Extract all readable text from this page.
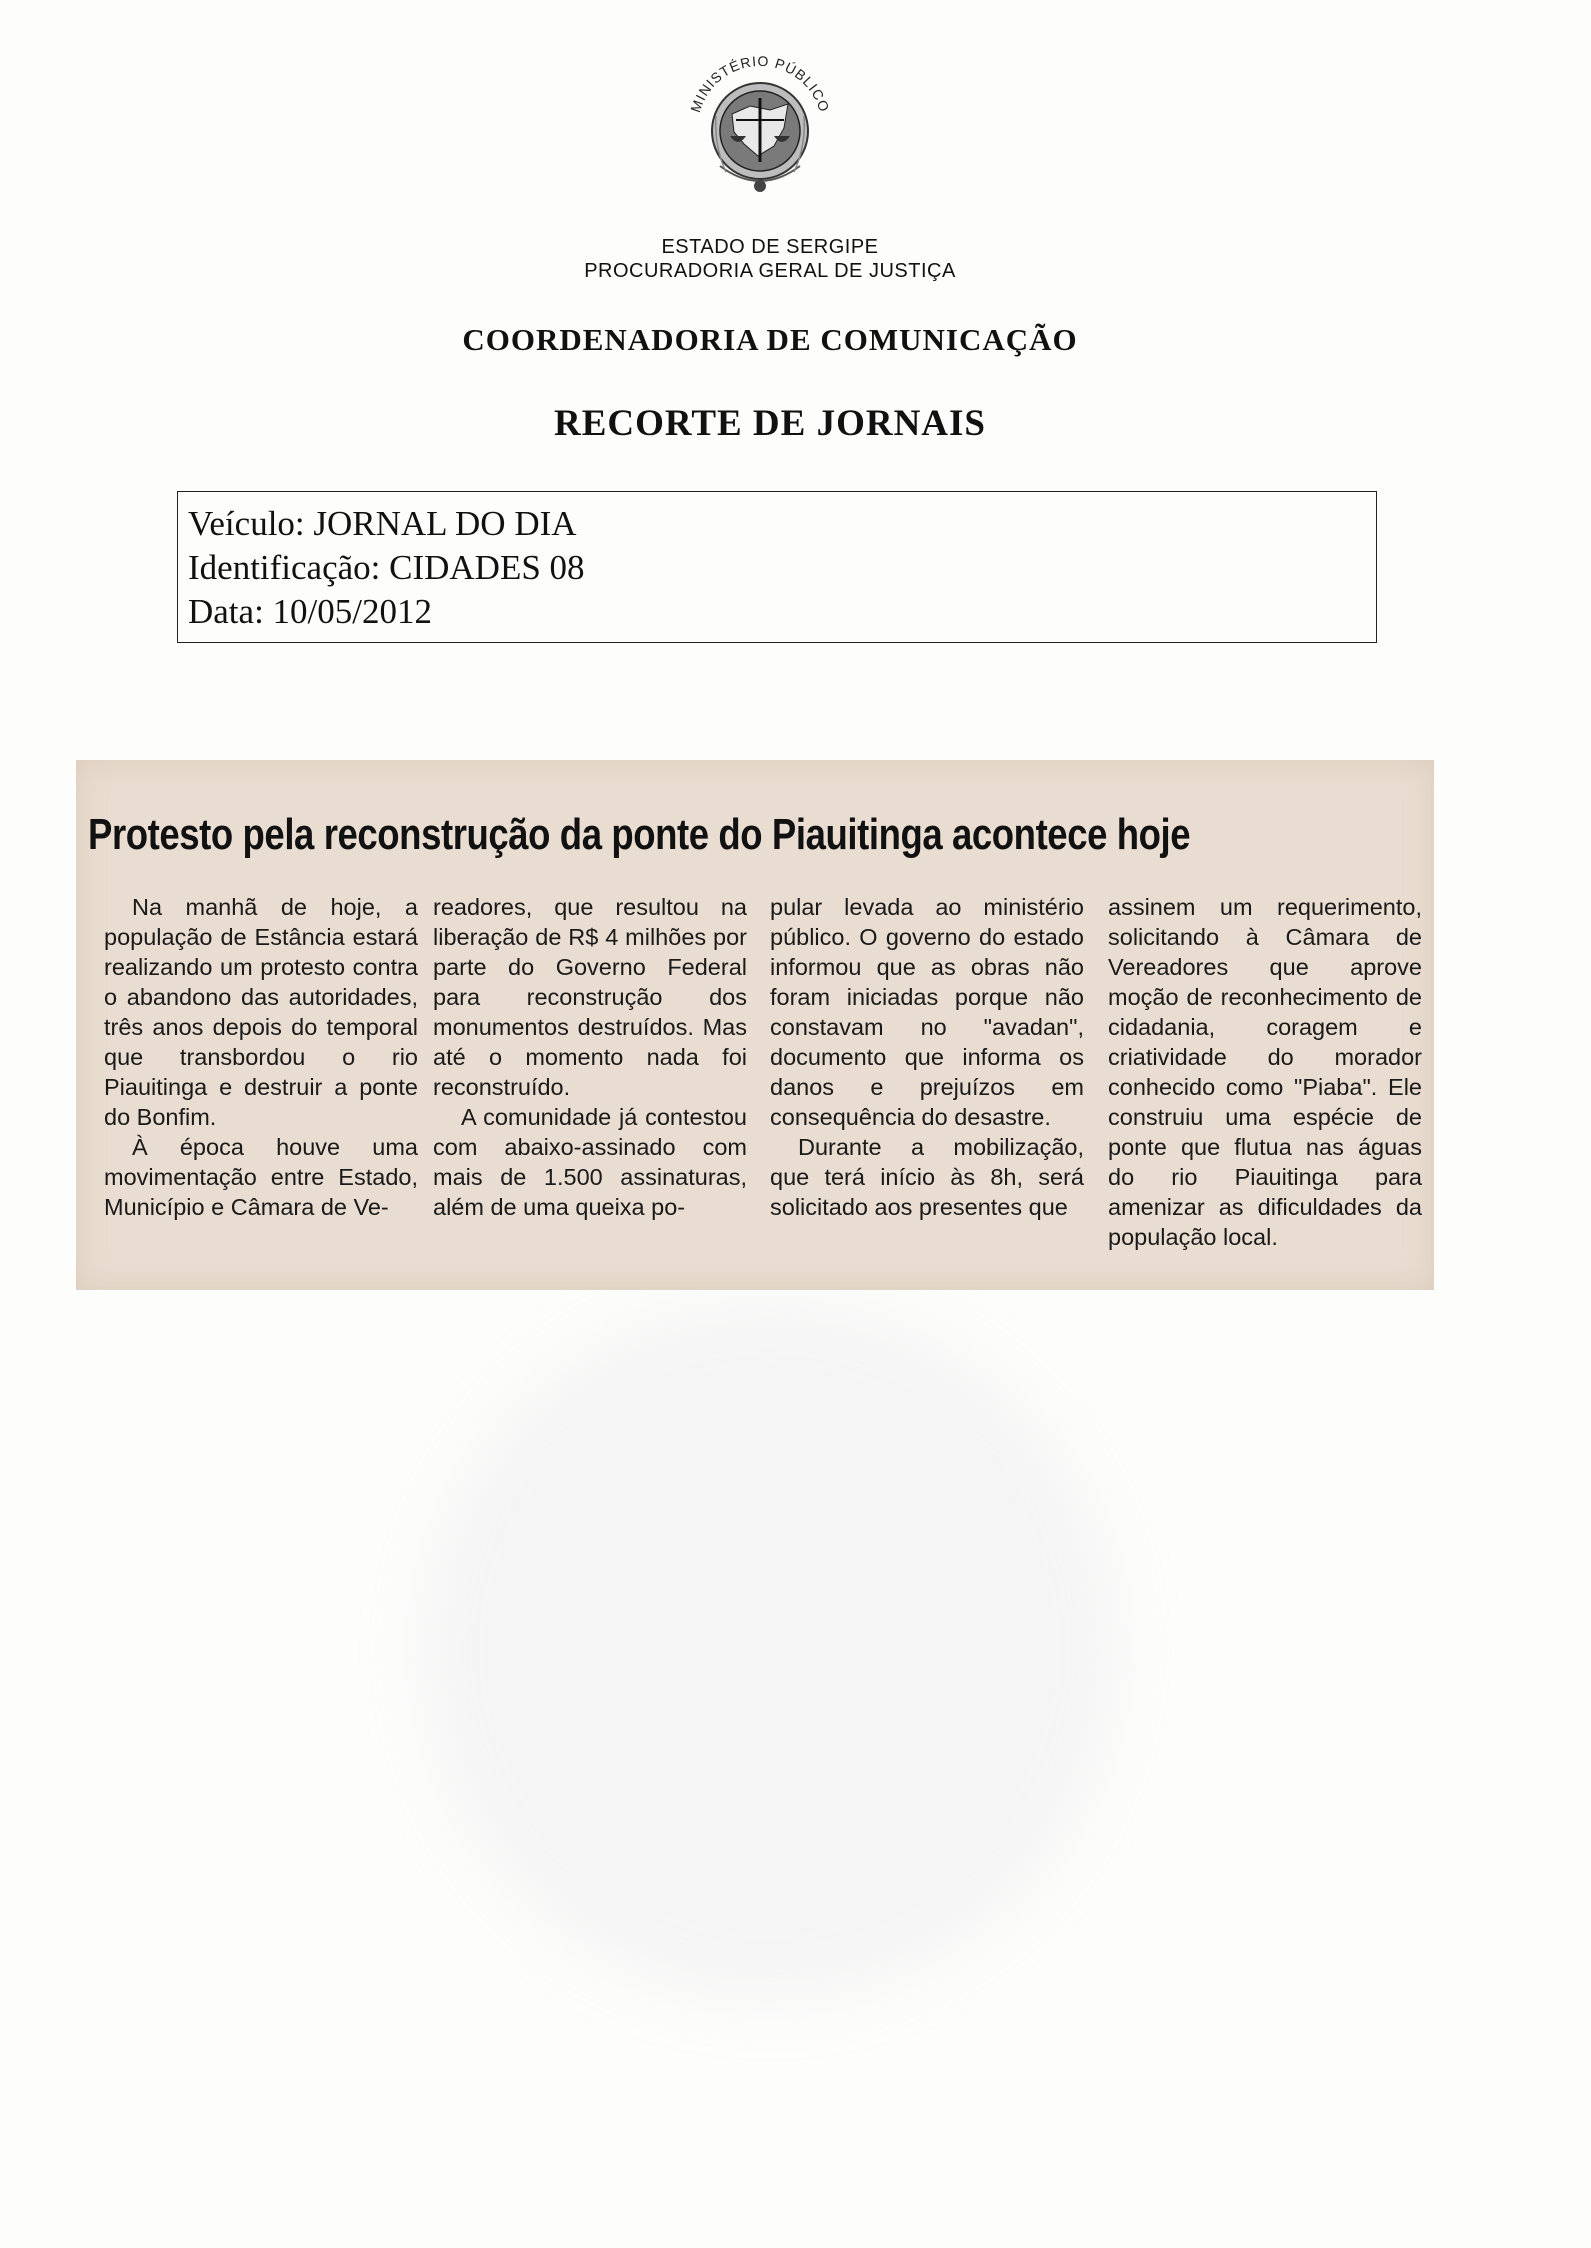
MINISTÉRIO PÚBLICO
ESTADO DE SERGIPE
PROCURADORIA GERAL DE JUSTIÇA
COORDENADORIA DE COMUNICAÇÃO
RECORTE DE JORNAIS
Veículo: JORNAL DO DIA
Identificação: CIDADES 08
Data: 10/05/2012
Protesto pela reconstrução da ponte do Piauitinga acontece hoje

Na manhã de hoje, a população de Estância estará realizando um protesto contra o abandono das autoridades, três anos depois do temporal que transbordou o rio Piauitinga e destruir a ponte do Bonfim.

À época houve uma movimentação entre Estado, Município e Câmara de Ve-

readores, que resultou na liberação de R$ 4 milhões por parte do Governo Federal para reconstrução dos monumentos destruídos. Mas até o momento nada foi reconstruído.

A comunidade já contestou com abaixo-assinado com mais de 1.500 assinaturas, além de uma queixa po-

pular levada ao ministério público. O governo do estado informou que as obras não foram iniciadas porque não constavam no "avadan", documento que informa os danos e prejuízos em consequência do desastre.

Durante a mobilização, que terá início às 8h, será solicitado aos presentes que

assinem um requerimento, solicitando à Câmara de Vereadores que aprove moção de reconhecimento de cidadania, coragem e criatividade do morador conhecido como "Piaba". Ele construiu uma espécie de ponte que flutua nas águas do rio Piauitinga para amenizar as dificuldades da população local.
